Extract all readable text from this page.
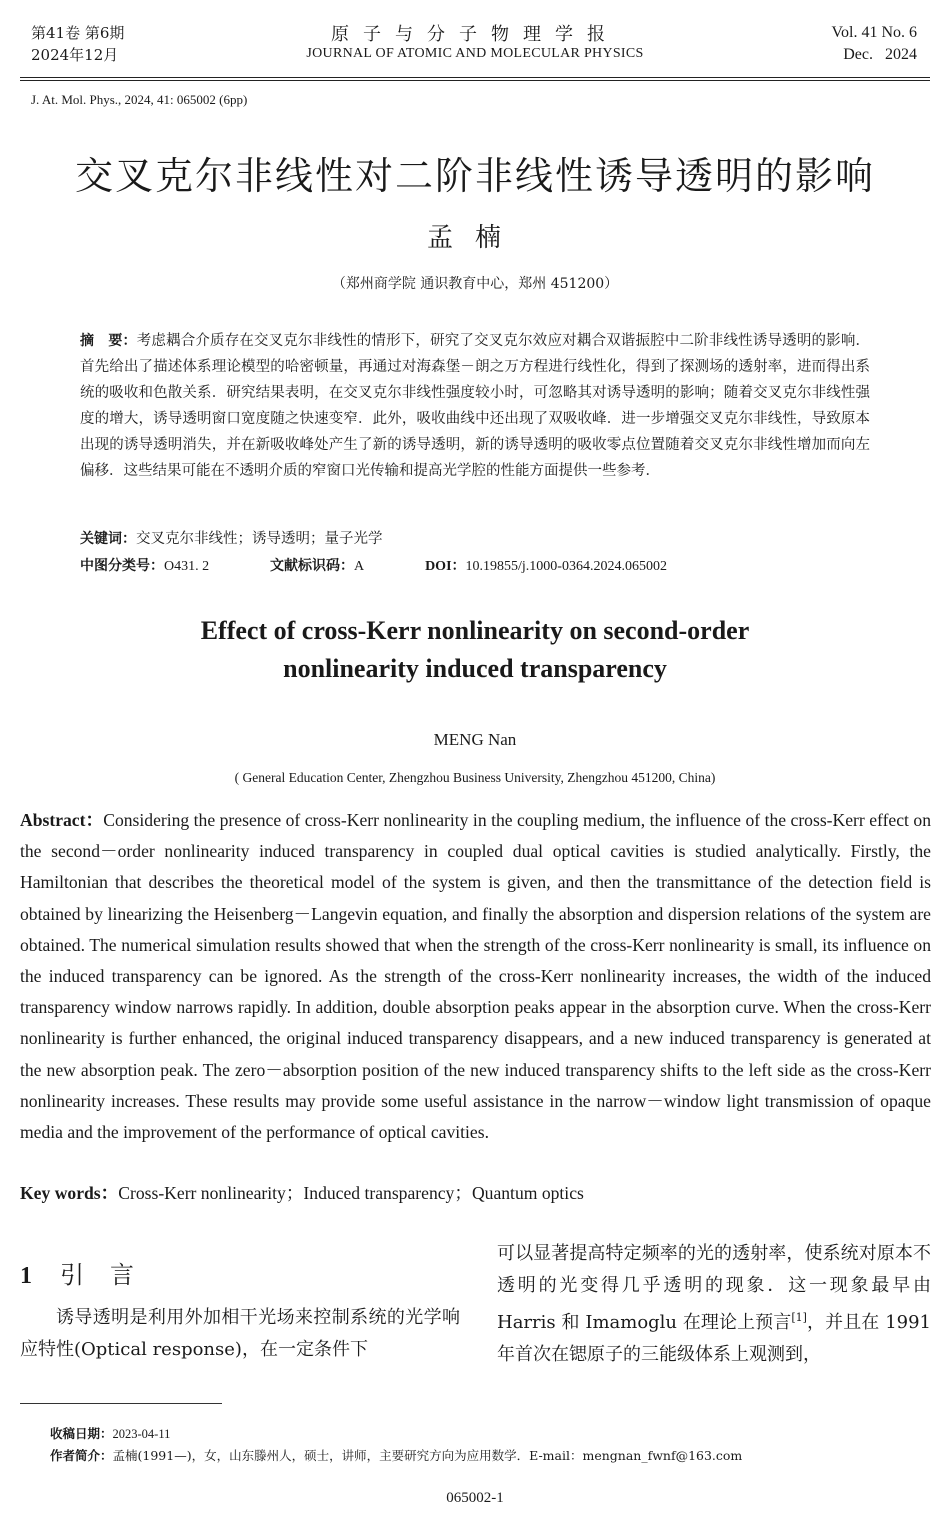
第41卷 第6期
2024年12月
原子与分子物理学报
JOURNAL OF ATOMIC AND MOLECULAR PHYSICS
Vol. 41 No. 6
Dec.   2024
J. At. Mol. Phys., 2024, 41: 065002 (6pp)
交叉克尔非线性对二阶非线性诱导透明的影响
孟楠
（郑州商学院 通识教育中心，郑州 451200）
摘　要：考虑耦合介质存在交叉克尔非线性的情形下，研究了交叉克尔效应对耦合双谐振腔中二阶非线性诱导透明的影响．首先给出了描述体系理论模型的哈密顿量，再通过对海森堡－朗之万方程进行线性化，得到了探测场的透射率，进而得出系统的吸收和色散关系．研究结果表明，在交叉克尔非线性强度较小时，可忽略其对诱导透明的影响；随着交叉克尔非线性强度的增大，诱导透明窗口宽度随之快速变窄．此外，吸收曲线中还出现了双吸收峰．进一步增强交叉克尔非线性，导致原本出现的诱导透明消失，并在新吸收峰处产生了新的诱导透明，新的诱导透明的吸收零点位置随着交叉克尔非线性增加而向左偏移．这些结果可能在不透明介质的窄窗口光传输和提高光学腔的性能方面提供一些参考．
关键词：交叉克尔非线性；诱导透明；量子光学
中图分类号：O431. 2	文献标识码：A	DOI：10.19855/j.1000-0364.2024.065002
Effect of cross-Kerr nonlinearity on second-order
nonlinearity induced transparency
MENG Nan
( General Education Center, Zhengzhou Business University, Zhengzhou 451200, China)
Abstract：Considering the presence of cross-Kerr nonlinearity in the coupling medium, the influence of the cross-Kerr effect on the second－order nonlinearity induced transparency in coupled dual optical cavities is studied analytically. Firstly, the Hamiltonian that describes the theoretical model of the system is given, and then the transmittance of the detection field is obtained by linearizing the Heisenberg－Langevin equation, and finally the absorption and dispersion relations of the system are obtained. The numerical simulation results showed that when the strength of the cross-Kerr nonlinearity is small, its influence on the induced transparency can be ignored. As the strength of the cross-Kerr nonlinearity increases, the width of the induced transparency window narrows rapidly. In addition, double absorption peaks appear in the absorption curve. When the cross-Kerr nonlinearity is further enhanced, the original induced transparency disappears, and a new induced transparency is generated at the new absorption peak. The zero－absorption position of the new induced transparency shifts to the left side as the cross-Kerr nonlinearity increases. These results may provide some useful assistance in the narrow－window light transmission of opaque media and the improvement of the performance of optical cavities.
Key words：Cross-Kerr nonlinearity；Induced transparency；Quantum optics
1 引言
诱导透明是利用外加相干光场来控制系统的光学响应特性(Optical response)，在一定条件下
可以显著提高特定频率的光的透射率，使系统对原本不透明的光变得几乎透明的现象．这一现象最早由 Harris 和 Imamoglu 在理论上预言[1]，并且在 1991 年首次在锶原子的三能级体系上观测到，
收稿日期：2023-04-11
作者简介：孟楠(1991—)，女，山东滕州人，硕士，讲师，主要研究方向为应用数学．E-mail：mengnan_fwnf@163.com
065002-1
